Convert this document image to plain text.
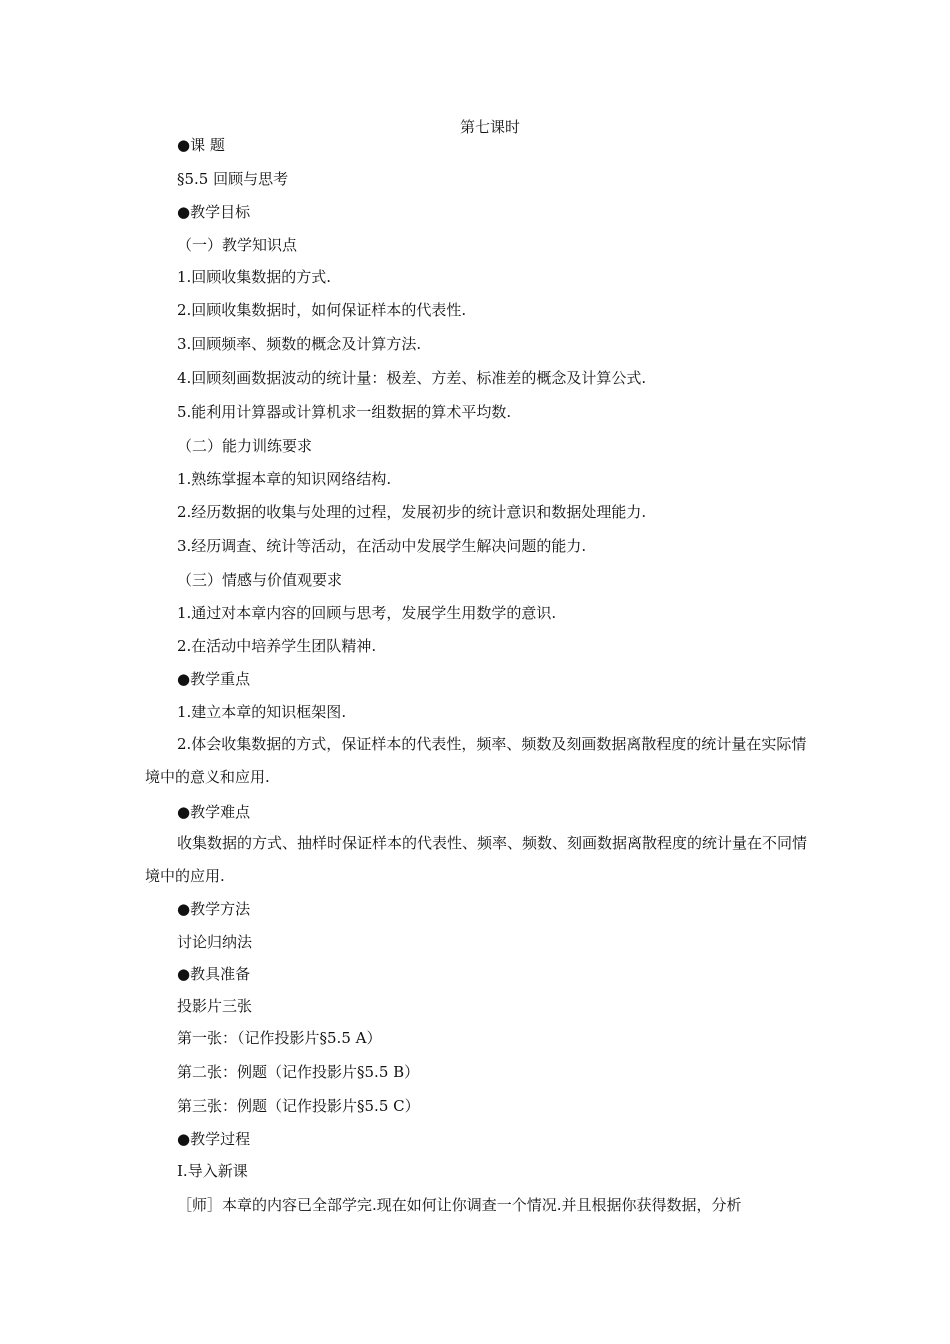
第七课时
●课 题
§5.5 回顾与思考
●教学目标
（一）教学知识点
1.回顾收集数据的方式.
2.回顾收集数据时，如何保证样本的代表性.
3.回顾频率、频数的概念及计算方法.
4.回顾刻画数据波动的统计量：极差、方差、标准差的概念及计算公式.
5.能利用计算器或计算机求一组数据的算术平均数.
（二）能力训练要求
1.熟练掌握本章的知识网络结构.
2.经历数据的收集与处理的过程，发展初步的统计意识和数据处理能力.
3.经历调查、统计等活动，在活动中发展学生解决问题的能力.
（三）情感与价值观要求
1.通过对本章内容的回顾与思考，发展学生用数学的意识.
2.在活动中培养学生团队精神.
●教学重点
1.建立本章的知识框架图.
2.体会收集数据的方式，保证样本的代表性，频率、频数及刻画数据离散程度的统计量在实际情境中的意义和应用.
●教学难点
收集数据的方式、抽样时保证样本的代表性、频率、频数、刻画数据离散程度的统计量在不同情境中的应用.
●教学方法
讨论归纳法
●教具准备
投影片三张
第一张：（记作投影片§5.5 A）
第二张：例题（记作投影片§5.5 B）
第三张：例题（记作投影片§5.5 C）
●教学过程
Ⅰ.导入新课
［师］本章的内容已全部学完.现在如何让你调查一个情况.并且根据你获得数据，分析
